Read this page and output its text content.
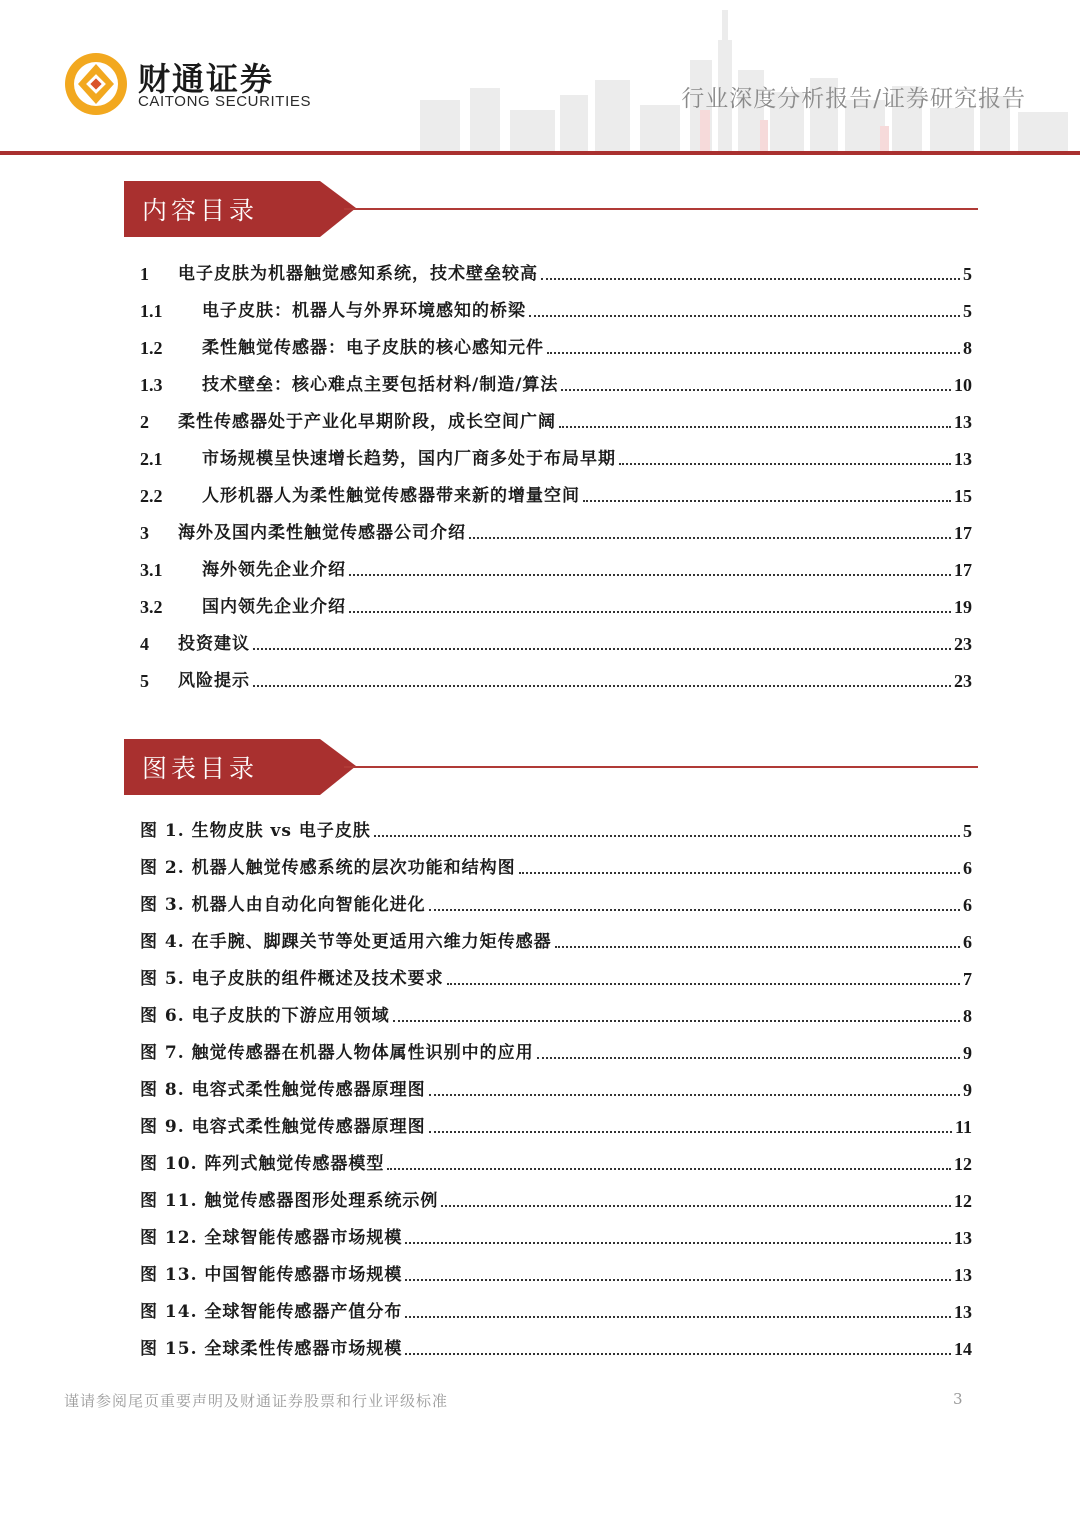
财通证券
CAITONG SECURITIES	行业深度分析报告/证券研究报告
内容目录
1	电子皮肤为机器触觉感知系统，技术壁垒较高	5
1.1	电子皮肤：机器人与外界环境感知的桥梁	5
1.2	柔性触觉传感器：电子皮肤的核心感知元件	8
1.3	技术壁垒：核心难点主要包括材料/制造/算法	10
2	柔性传感器处于产业化早期阶段，成长空间广阔	13
2.1	市场规模呈快速增长趋势，国内厂商多处于布局早期	13
2.2	人形机器人为柔性触觉传感器带来新的增量空间	15
3	海外及国内柔性触觉传感器公司介绍	17
3.1	海外领先企业介绍	17
3.2	国内领先企业介绍	19
4	投资建议	23
5	风险提示	23
图表目录
图 1. 生物皮肤 vs 电子皮肤	5
图 2. 机器人触觉传感系统的层次功能和结构图	6
图 3. 机器人由自动化向智能化进化	6
图 4. 在手腕、脚踝关节等处更适用六维力矩传感器	6
图 5. 电子皮肤的组件概述及技术要求	7
图 6. 电子皮肤的下游应用领域	8
图 7. 触觉传感器在机器人物体属性识别中的应用	9
图 8. 电容式柔性触觉传感器原理图	9
图 9. 电容式柔性触觉传感器原理图	11
图 10. 阵列式触觉传感器模型	12
图 11. 触觉传感器图形处理系统示例	12
图 12. 全球智能传感器市场规模	13
图 13. 中国智能传感器市场规模	13
图 14. 全球智能传感器产值分布	13
图 15. 全球柔性传感器市场规模	14
谨请参阅尾页重要声明及财通证券股票和行业评级标准	3
